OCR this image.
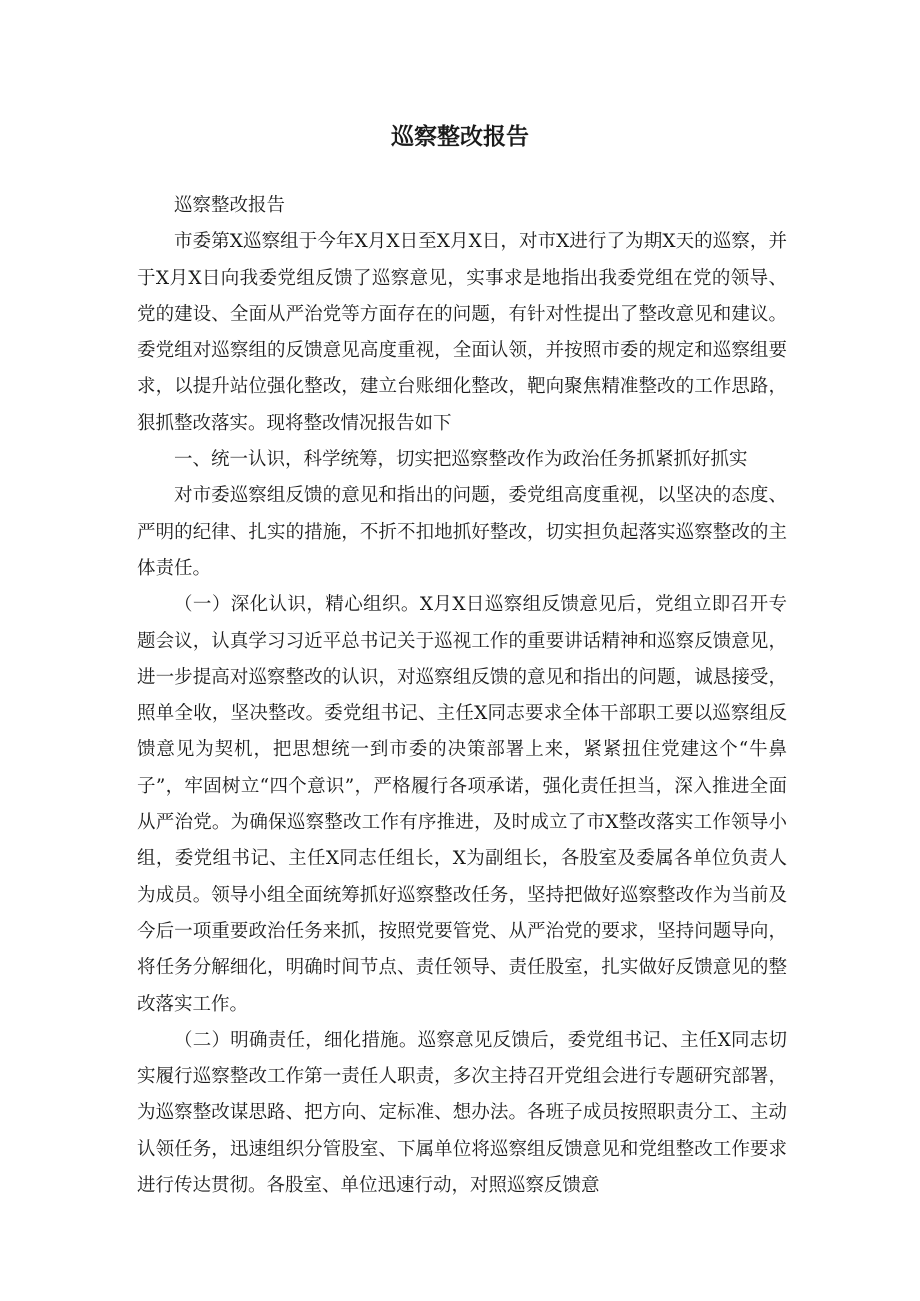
巡察整改报告

巡察整改报告

市委第X巡察组于今年X月X日至X月X日，对市X进行了为期X天的巡察，并于X月X日向我委党组反馈了巡察意见，实事求是地指出我委党组在党的领导、党的建设、全面从严治党等方面存在的问题，有针对性提出了整改意见和建议。委党组对巡察组的反馈意见高度重视，全面认领，并按照市委的规定和巡察组要求，以提升站位强化整改，建立台账细化整改，靶向聚焦精准整改的工作思路，狠抓整改落实。现将整改情况报告如下

一、统一认识，科学统筹，切实把巡察整改作为政治任务抓紧抓好抓实

对市委巡察组反馈的意见和指出的问题，委党组高度重视，以坚决的态度、严明的纪律、扎实的措施，不折不扣地抓好整改，切实担负起落实巡察整改的主体责任。

（一）深化认识，精心组织。X月X日巡察组反馈意见后，党组立即召开专题会议，认真学习习近平总书记关于巡视工作的重要讲话精神和巡察反馈意见，进一步提高对巡察整改的认识，对巡察组反馈的意见和指出的问题，诚恳接受，照单全收，坚决整改。委党组书记、主任X同志要求全体干部职工要以巡察组反馈意见为契机，把思想统一到市委的决策部署上来，紧紧扭住党建这个“牛鼻子”，牢固树立“四个意识”，严格履行各项承诺，强化责任担当，深入推进全面从严治党。为确保巡察整改工作有序推进，及时成立了市X整改落实工作领导小组，委党组书记、主任X同志任组长，X为副组长，各股室及委属各单位负责人为成员。领导小组全面统筹抓好巡察整改任务，坚持把做好巡察整改作为当前及今后一项重要政治任务来抓，按照党要管党、从严治党的要求，坚持问题导向，将任务分解细化，明确时间节点、责任领导、责任股室，扎实做好反馈意见的整改落实工作。

（二）明确责任，细化措施。巡察意见反馈后，委党组书记、主任X同志切实履行巡察整改工作第一责任人职责，多次主持召开党组会进行专题研究部署，为巡察整改谋思路、把方向、定标准、想办法。各班子成员按照职责分工、主动认领任务，迅速组织分管股室、下属单位将巡察组反馈意见和党组整改工作要求进行传达贯彻。各股室、单位迅速行动，对照巡察反馈意
